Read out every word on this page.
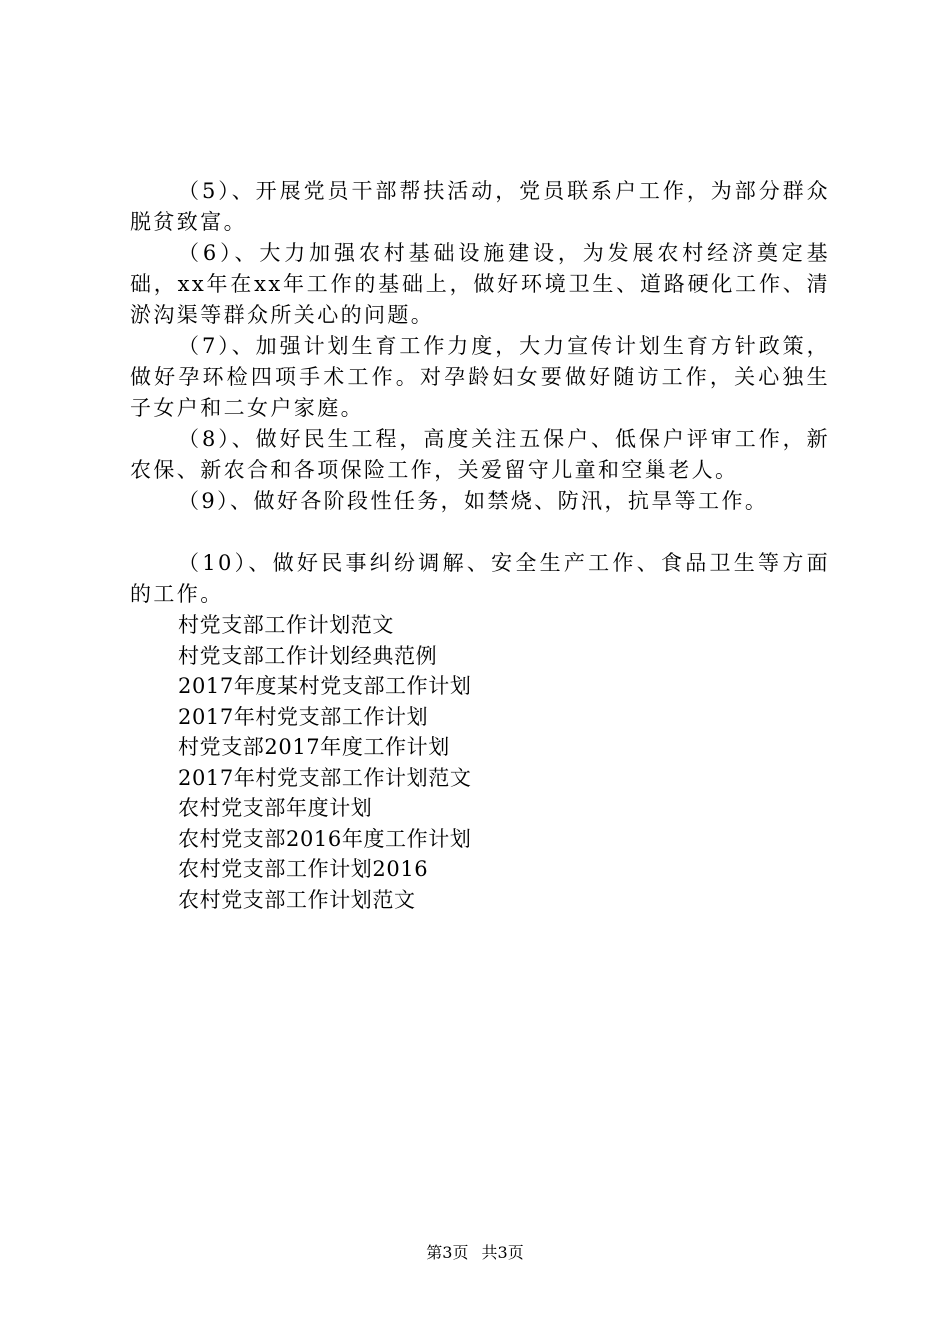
（5）、开展党员干部帮扶活动，党员联系户工作，为部分群众脱贫致富。

（6）、大力加强农村基础设施建设，为发展农村经济奠定基础，xx年在xx年工作的基础上，做好环境卫生、道路硬化工作、清淤沟渠等群众所关心的问题。

（7）、加强计划生育工作力度，大力宣传计划生育方针政策，做好孕环检四项手术工作。对孕龄妇女要做好随访工作，关心独生子女户和二女户家庭。

（8）、做好民生工程，高度关注五保户、低保户评审工作，新农保、新农合和各项保险工作，关爱留守儿童和空巢老人。

（9）、做好各阶段性任务，如禁烧、防汛，抗旱等工作。

（10）、做好民事纠纷调解、安全生产工作、食品卫生等方面的工作。

村党支部工作计划范文
村党支部工作计划经典范例
2017年度某村党支部工作计划
2017年村党支部工作计划
村党支部2017年度工作计划
2017年村党支部工作计划范文
农村党支部年度计划
农村党支部2016年度工作计划
农村党支部工作计划2016
农村党支部工作计划范文
第3页 共3页
